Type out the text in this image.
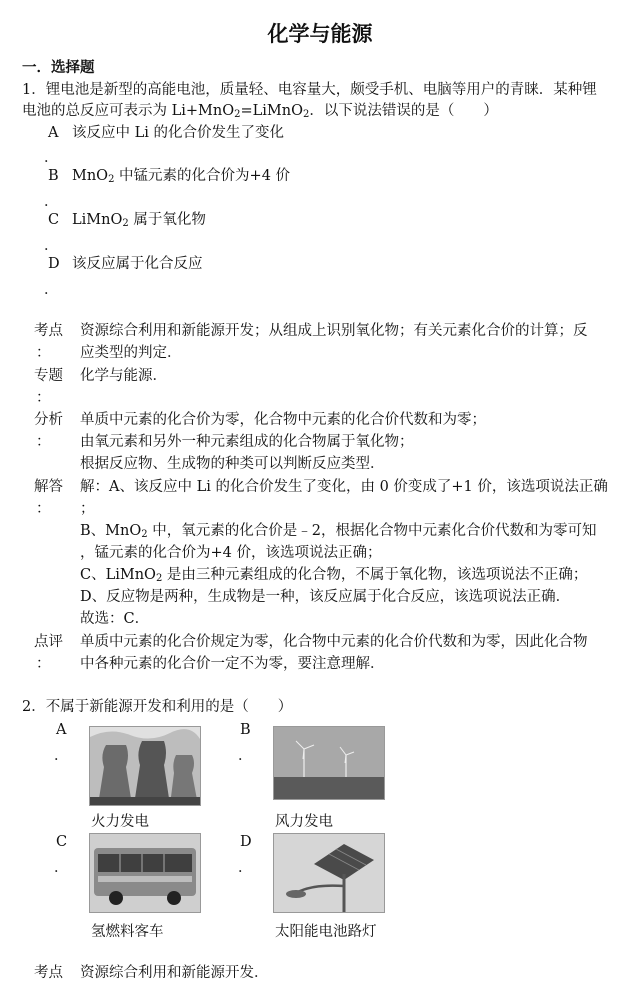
化学与能源
一．选择题
1．锂电池是新型的高能电池，质量轻、电容量大，颇受手机、电脑等用户的青睐．某种锂
电池的总反应可表示为 Li+MnO$_2$=LiMnO$_2$．以下说法错误的是（　　）
A 该反应中 Li 的化合价发生了变化
．
B MnO$_2$ 中锰元素的化合价为+4 价
．
C LiMnO$_2$ 属于氧化物
．
D 该反应属于化合反应
．
考点
：
资源综合利用和新能源开发；从组成上识别氧化物；有关元素化合价的计算；反
应类型的判定．
专题
：
化学与能源．
分析
：
单质中元素的化合价为零，化合物中元素的化合价代数和为零；
由氧元素和另外一种元素组成的化合物属于氧化物；
根据反应物、生成物的种类可以判断反应类型．
解答
：
解：A、该反应中 Li 的化合价发生了变化，由 0 价变成了+1 价，该选项说法正确
；
B、MnO$_2$ 中，氧元素的化合价是﹣2，根据化合物中元素化合价代数和为零可知
，锰元素的化合价为+4 价，该选项说法正确；
C、LiMnO$_2$ 是由三种元素组成的化合物，不属于氧化物，该选项说法不正确；
D、反应物是两种，生成物是一种，该反应属于化合反应，该选项说法正确．
故选：C．
点评
：
单质中元素的化合价规定为零，化合物中元素的化合价代数和为零，因此化合物
中各种元素的化合价一定不为零，要注意理解．
2．不属于新能源开发和利用的是（　　）
A
．
火力发电
B
．
风力发电
C
．
氢燃料客车
D
．
太阳能电池路灯
考点 资源综合利用和新能源开发．
